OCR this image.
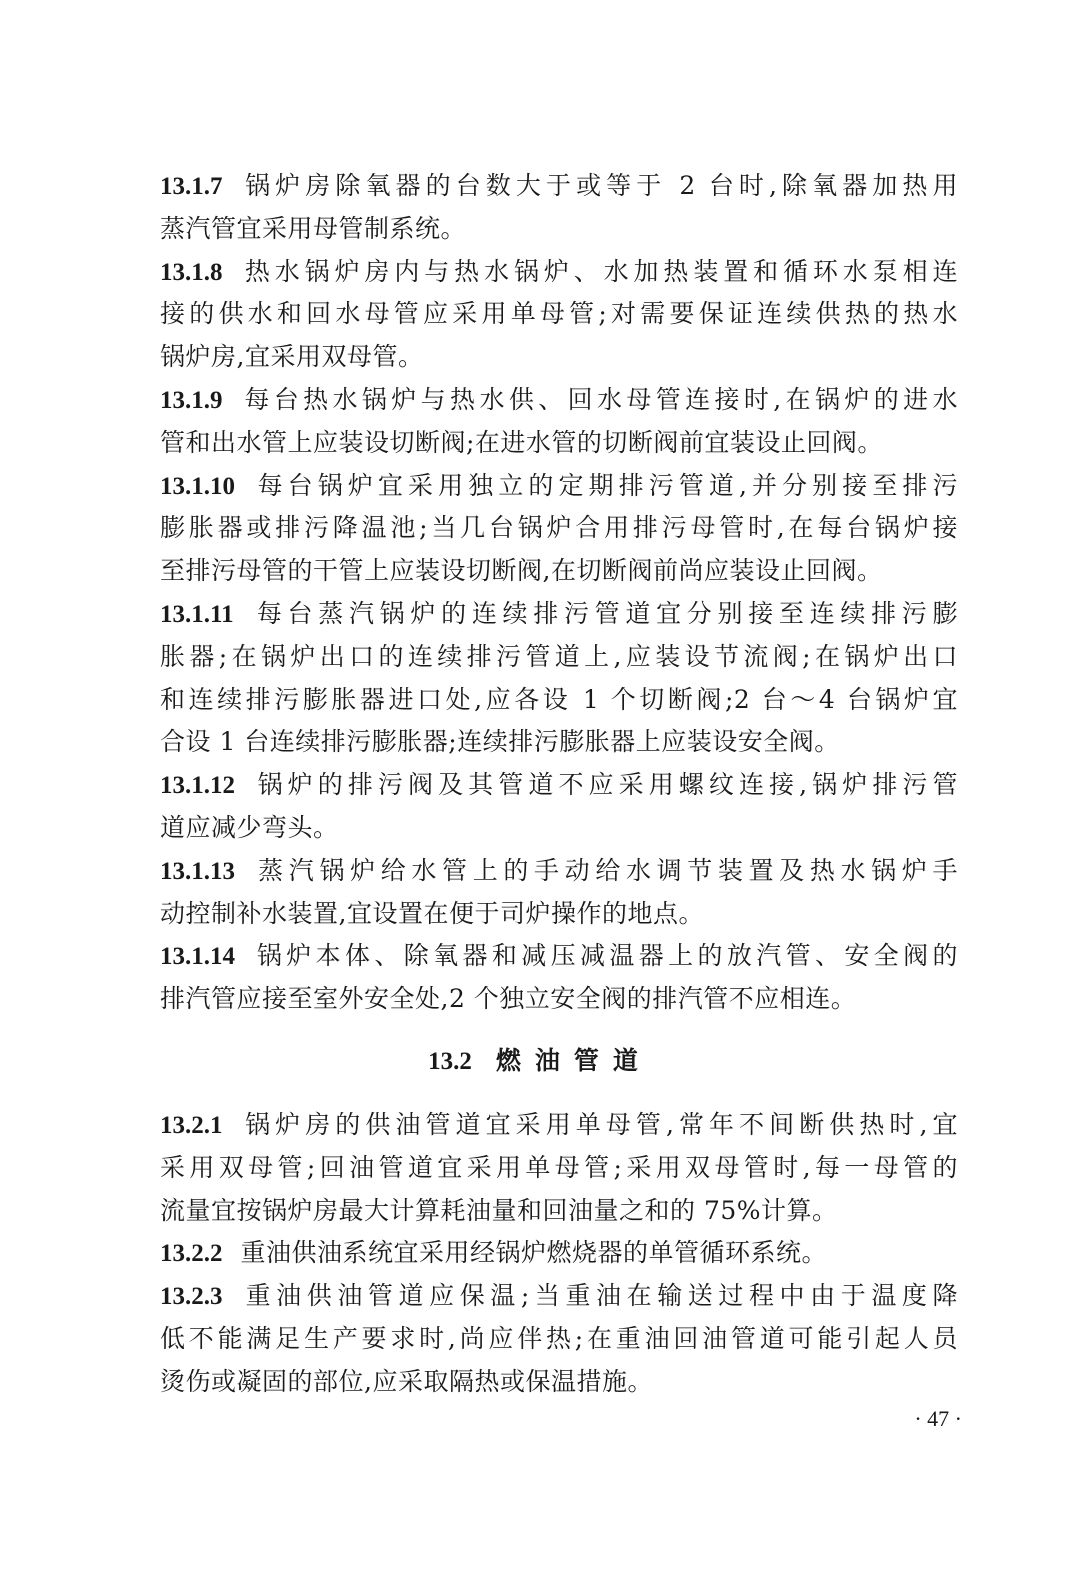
13.1.7 锅炉房除氧器的台数大于或等于 2 台时,除氧器加热用
蒸汽管宜采用母管制系统。
13.1.8 热水锅炉房内与热水锅炉、水加热装置和循环水泵相连
接的供水和回水母管应采用单母管;对需要保证连续供热的热水
锅炉房,宜采用双母管。
13.1.9 每台热水锅炉与热水供、回水母管连接时,在锅炉的进水
管和出水管上应装设切断阀;在进水管的切断阀前宜装设止回阀。
13.1.10 每台锅炉宜采用独立的定期排污管道,并分别接至排污
膨胀器或排污降温池;当几台锅炉合用排污母管时,在每台锅炉接
至排污母管的干管上应装设切断阀,在切断阀前尚应装设止回阀。
13.1.11 每台蒸汽锅炉的连续排污管道宜分别接至连续排污膨
胀器;在锅炉出口的连续排污管道上,应装设节流阀;在锅炉出口
和连续排污膨胀器进口处,应各设 1 个切断阀;2 台～4 台锅炉宜
合设 1 台连续排污膨胀器;连续排污膨胀器上应装设安全阀。
13.1.12 锅炉的排污阀及其管道不应采用螺纹连接,锅炉排污管
道应减少弯头。
13.1.13 蒸汽锅炉给水管上的手动给水调节装置及热水锅炉手
动控制补水装置,宜设置在便于司炉操作的地点。
13.1.14 锅炉本体、除氧器和减压减温器上的放汽管、安全阀的
排汽管应接至室外安全处,2 个独立安全阀的排汽管不应相连。
13.2 燃油管道
13.2.1 锅炉房的供油管道宜采用单母管,常年不间断供热时,宜
采用双母管;回油管道宜采用单母管;采用双母管时,每一母管的
流量宜按锅炉房最大计算耗油量和回油量之和的 75%计算。
13.2.2 重油供油系统宜采用经锅炉燃烧器的单管循环系统。
13.2.3 重油供油管道应保温;当重油在输送过程中由于温度降
低不能满足生产要求时,尚应伴热;在重油回油管道可能引起人员
烫伤或凝固的部位,应采取隔热或保温措施。
· 47 ·
